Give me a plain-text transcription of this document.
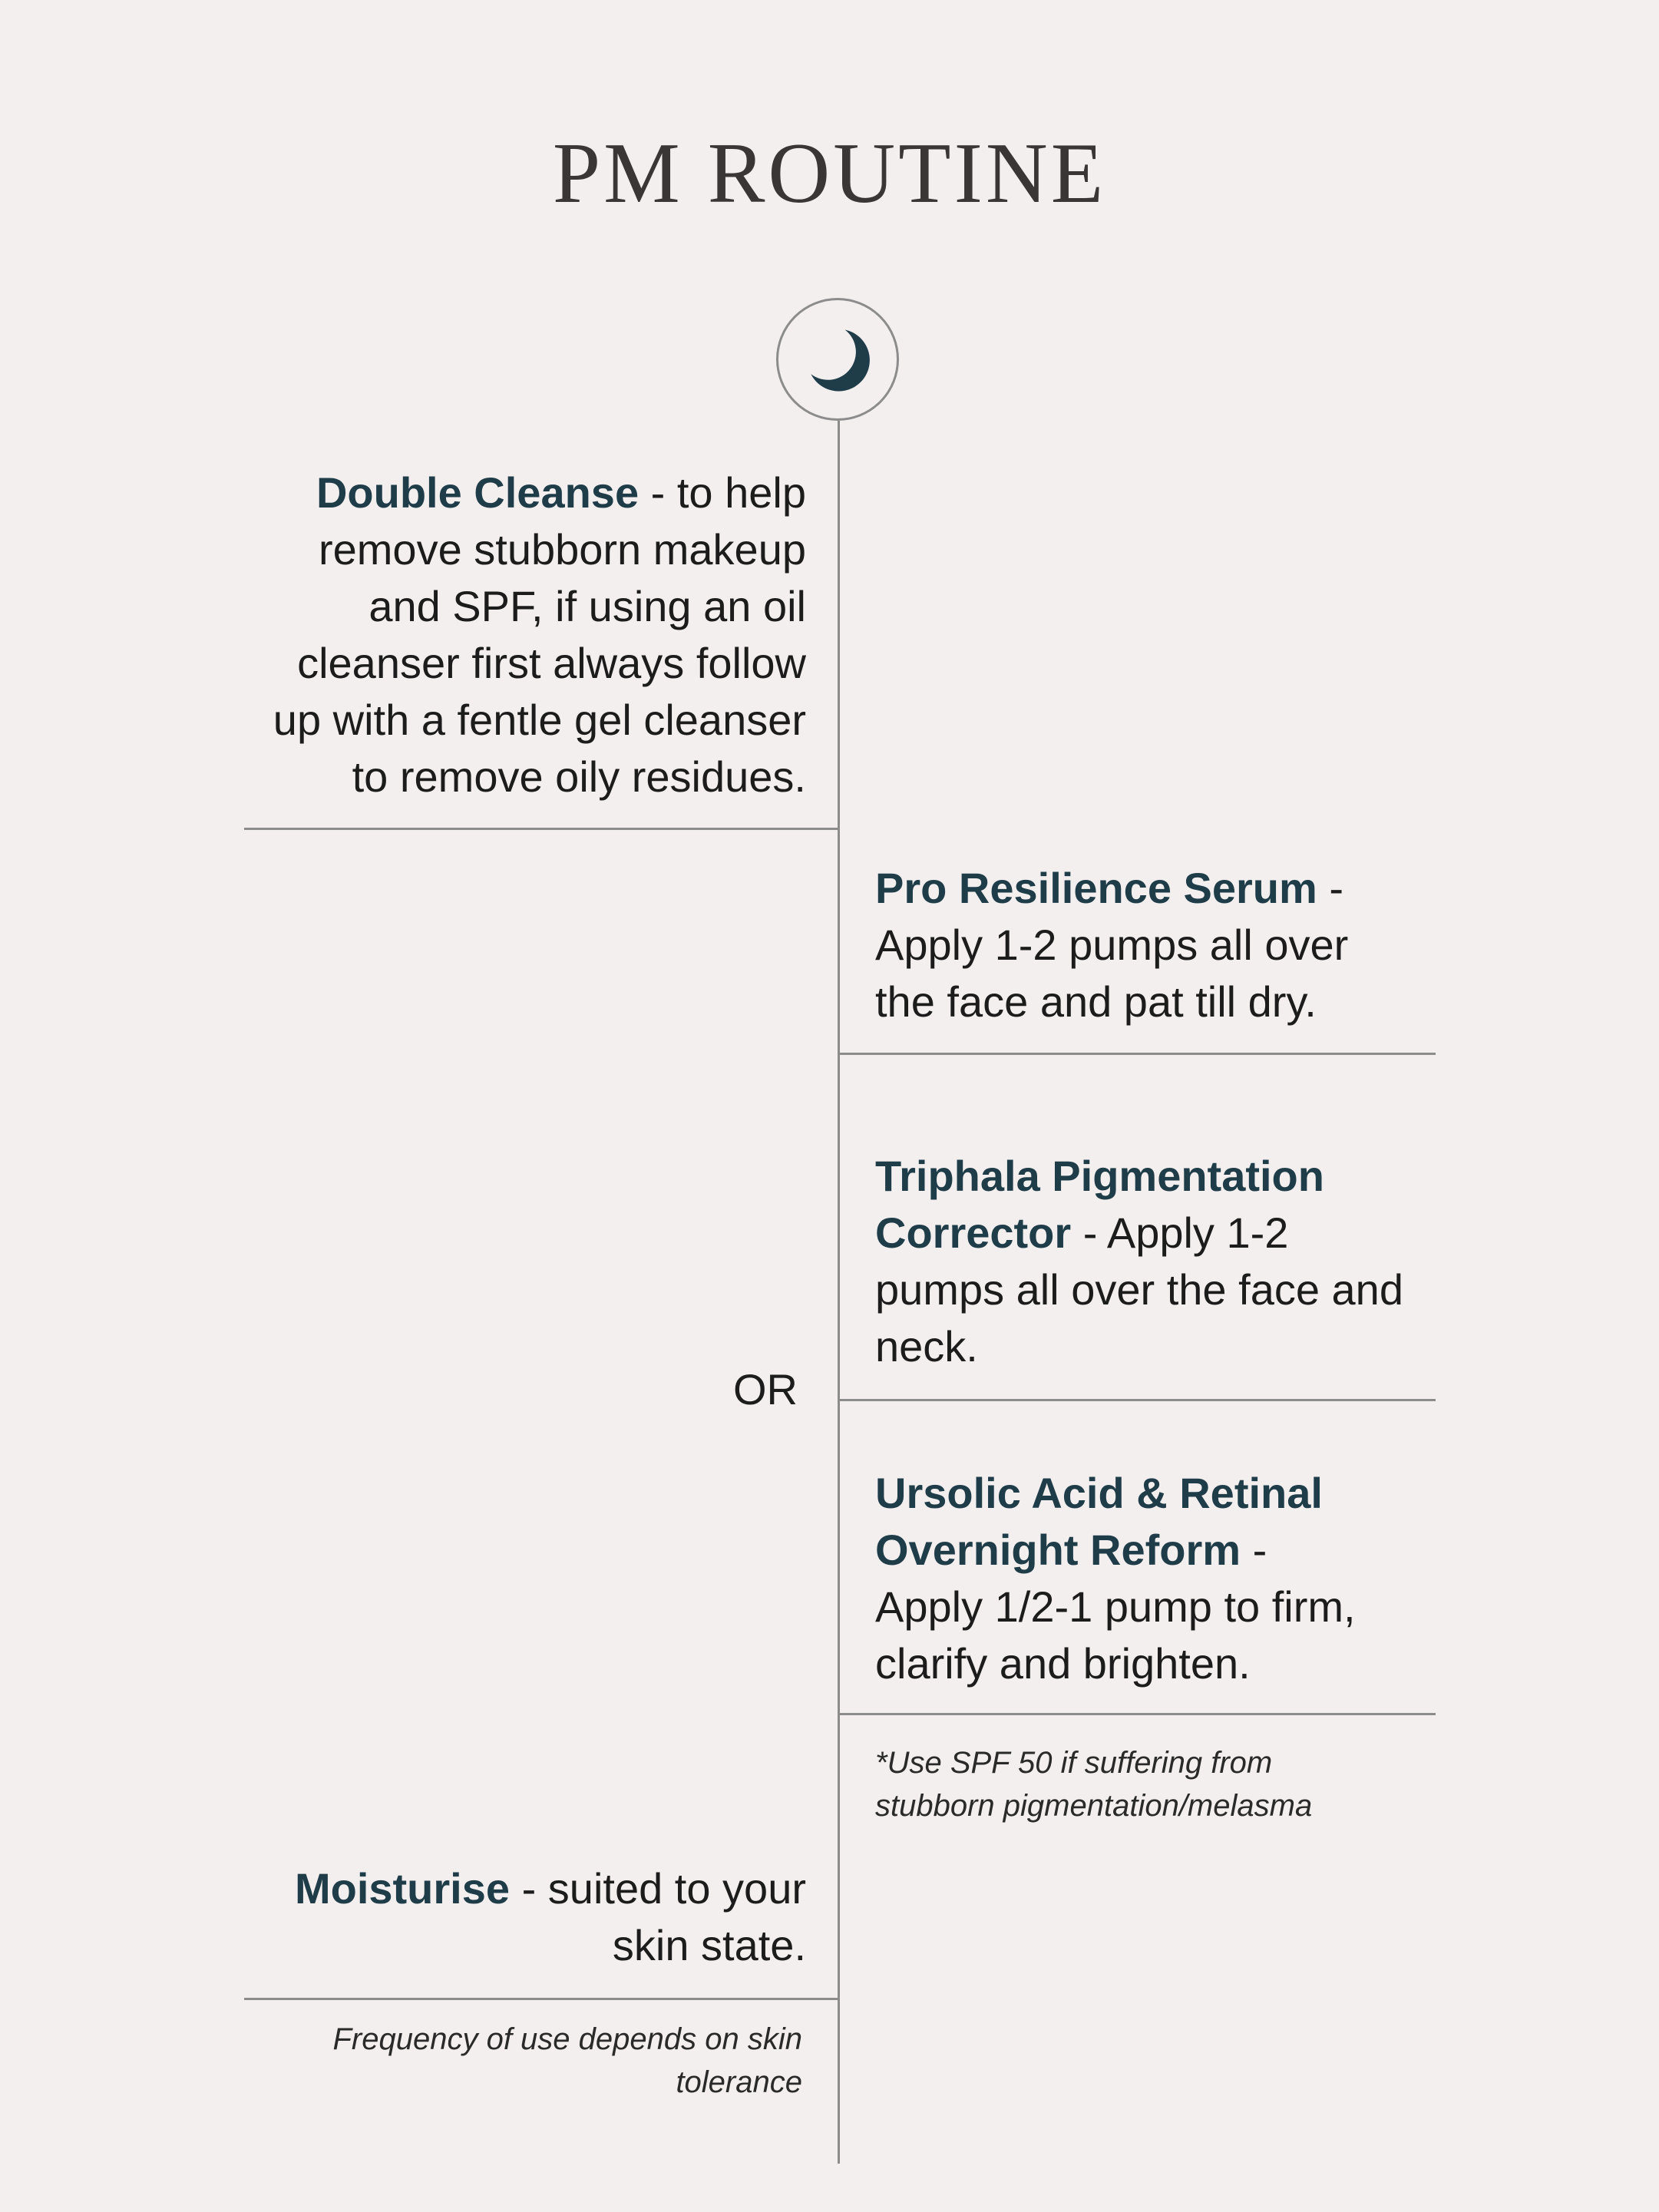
PM ROUTINE
Double Cleanse - to help
remove stubborn makeup
and SPF, if using an oil
cleanser first always follow
up with a fentle gel cleanser
to remove oily residues.
Pro Resilience Serum -
Apply 1-2 pumps all over
the face and pat till dry.
Triphala Pigmentation
Corrector - Apply 1-2
pumps all over the face and
neck.
OR
Ursolic Acid & Retinal
Overnight Reform -
Apply 1/2-1 pump to firm,
clarify and brighten.
*Use SPF 50 if suffering from
stubborn pigmentation/melasma
Moisturise - suited to your
skin state.
Frequency of use depends on skin
tolerance
